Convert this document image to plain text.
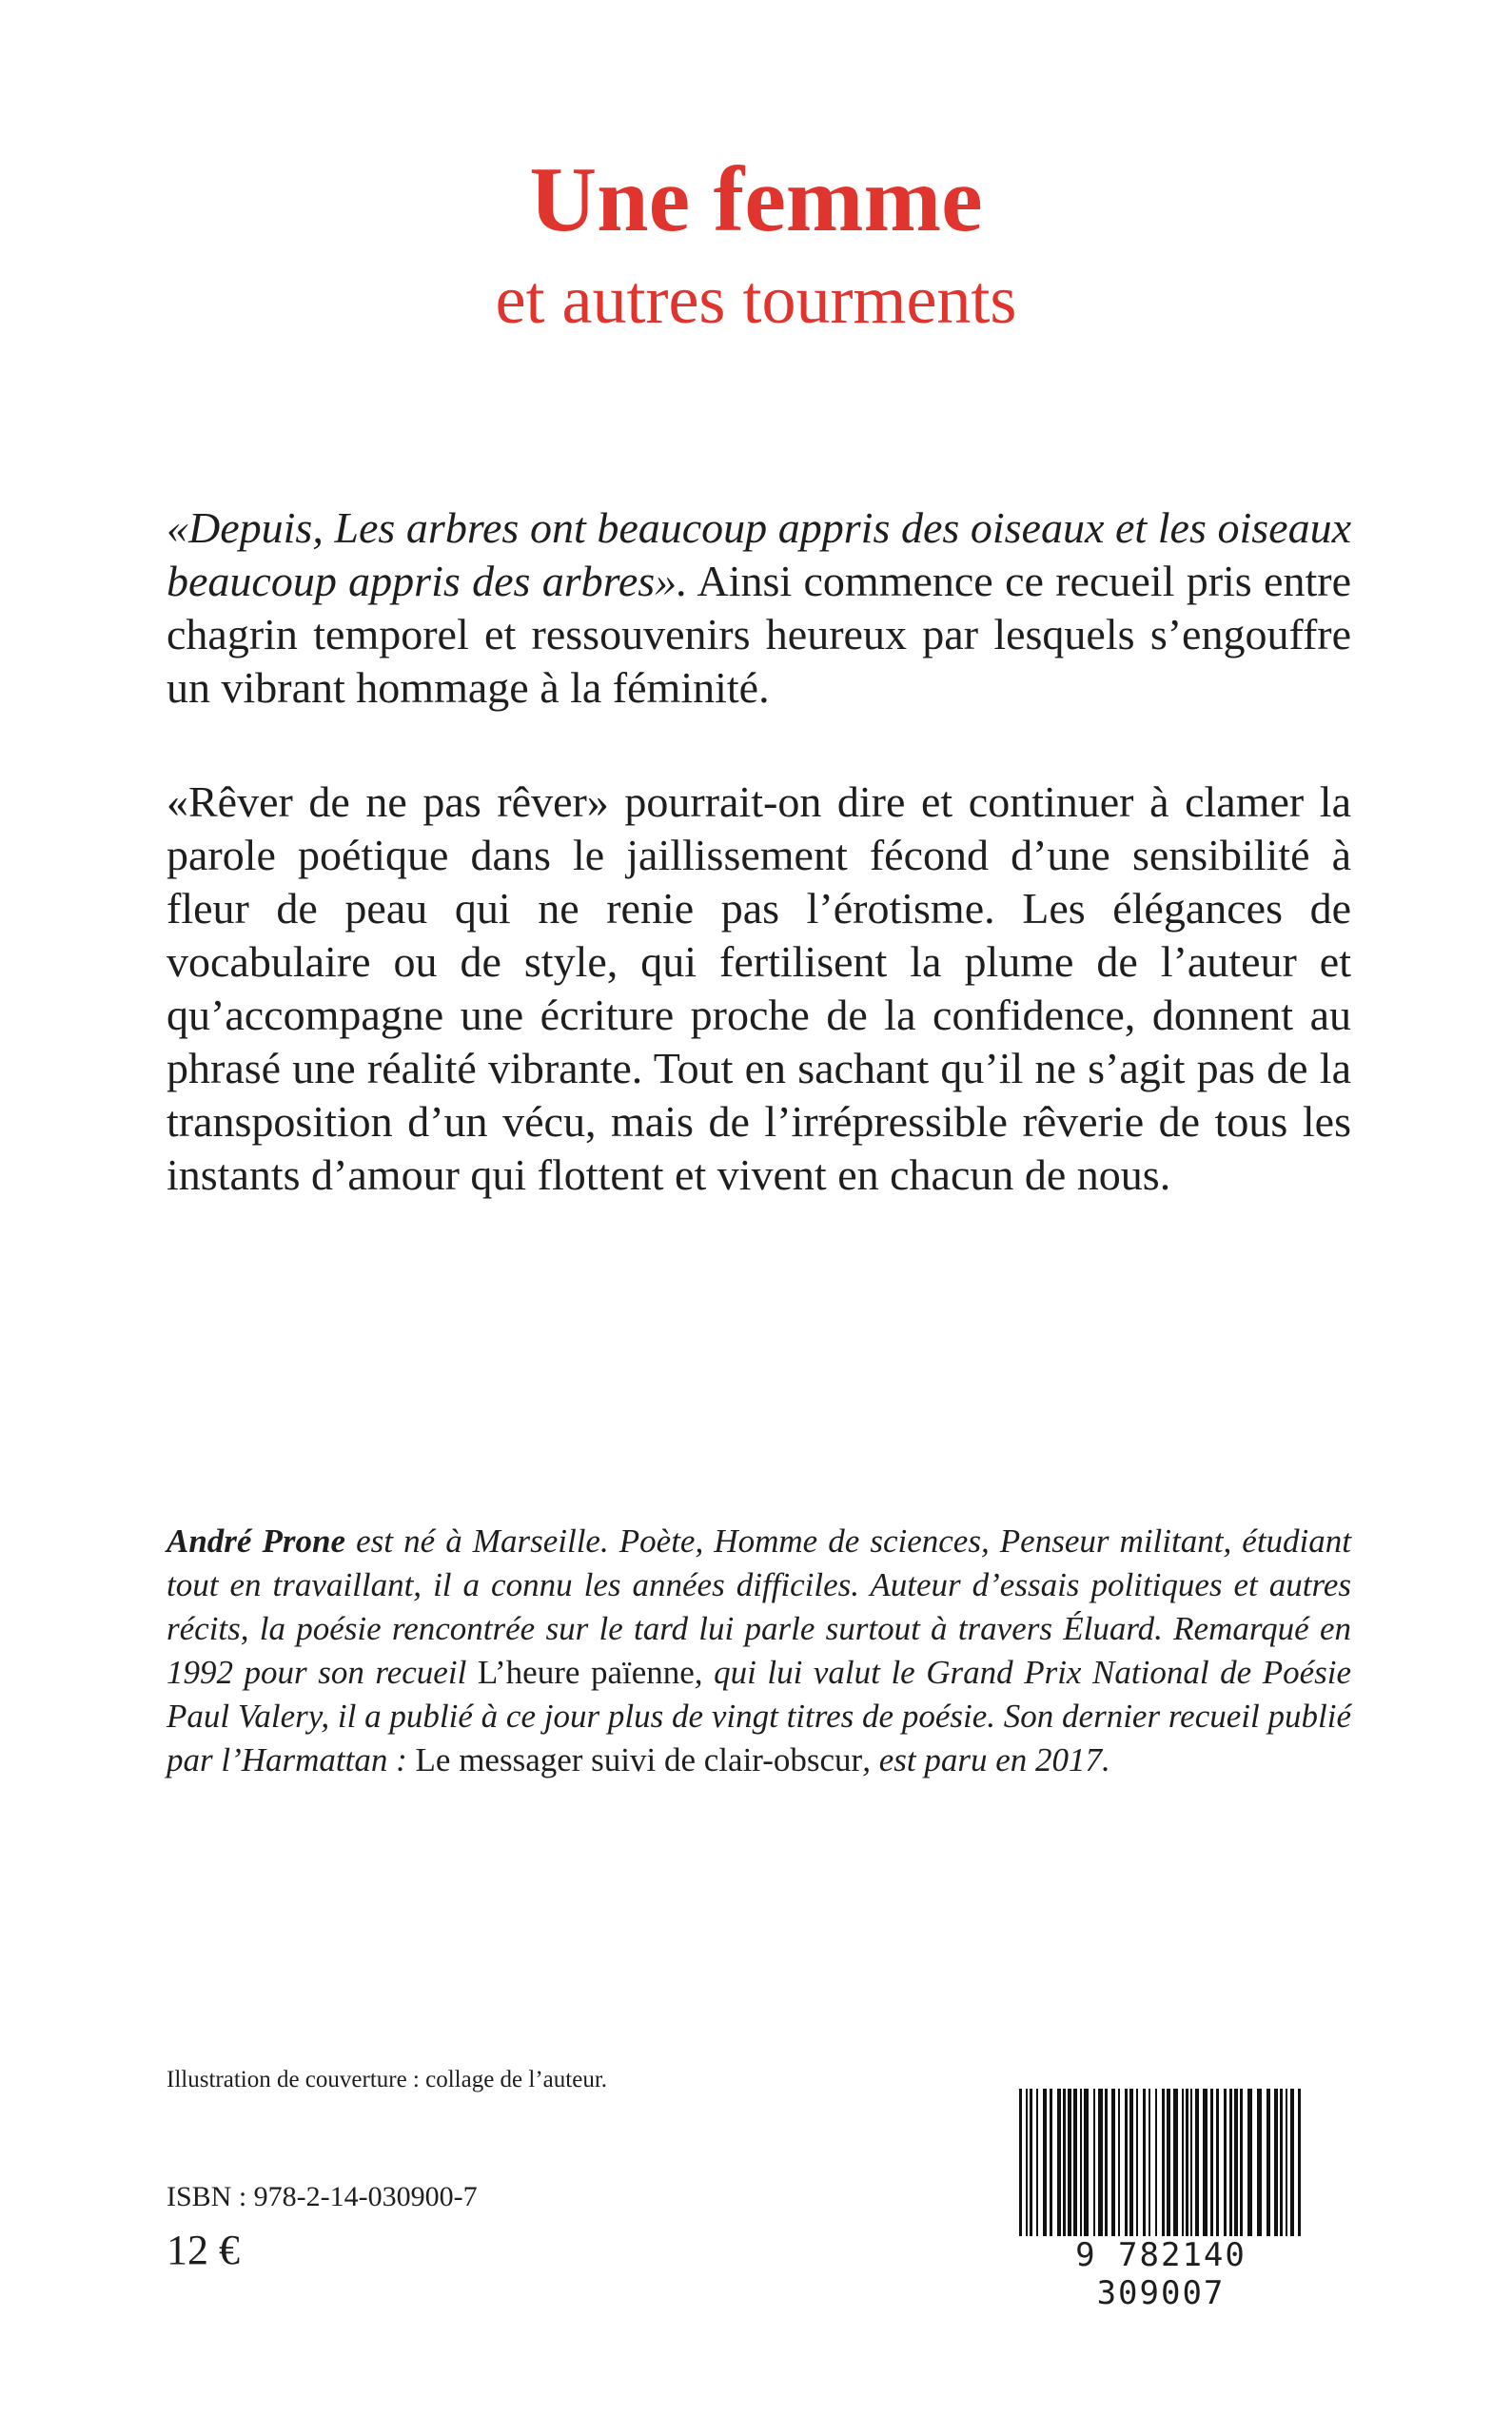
Une femme
et autres tourments

«Depuis, Les arbres ont beaucoup appris des oiseaux et les oiseaux beaucoup appris des arbres». Ainsi commence ce recueil pris entre chagrin temporel et ressouvenirs heureux par lesquels s’engouffre un vibrant hommage à la féminité.

«Rêver de ne pas rêver» pourrait-on dire et continuer à clamer la parole poétique dans le jaillissement fécond d’une sensibilité à fleur de peau qui ne renie pas l’érotisme. Les élégances de vocabulaire ou de style, qui fertilisent la plume de l’auteur et qu’accompagne une écriture proche de la confidence, donnent au phrasé une réalité vibrante. Tout en sachant qu’il ne s’agit pas de la transposition d’un vécu, mais de l’irrépressible rêverie de tous les instants d’amour qui flottent et vivent en chacun de nous.

André Prone est né à Marseille. Poète, Homme de sciences, Penseur militant, étudiant tout en travaillant, il a connu les années difficiles. Auteur d’essais politiques et autres récits, la poésie rencontrée sur le tard lui parle surtout à travers Éluard. Remarqué en 1992 pour son recueil L’heure païenne, qui lui valut le Grand Prix National de Poésie Paul Valery, il a publié à ce jour plus de vingt titres de poésie. Son dernier recueil publié par l’Harmattan : Le messager suivi de clair-obscur, est paru en 2017.

Illustration de couverture : collage de l’auteur.

ISBN : 978-2-14-030900-7

12 €	9 782140 309007
